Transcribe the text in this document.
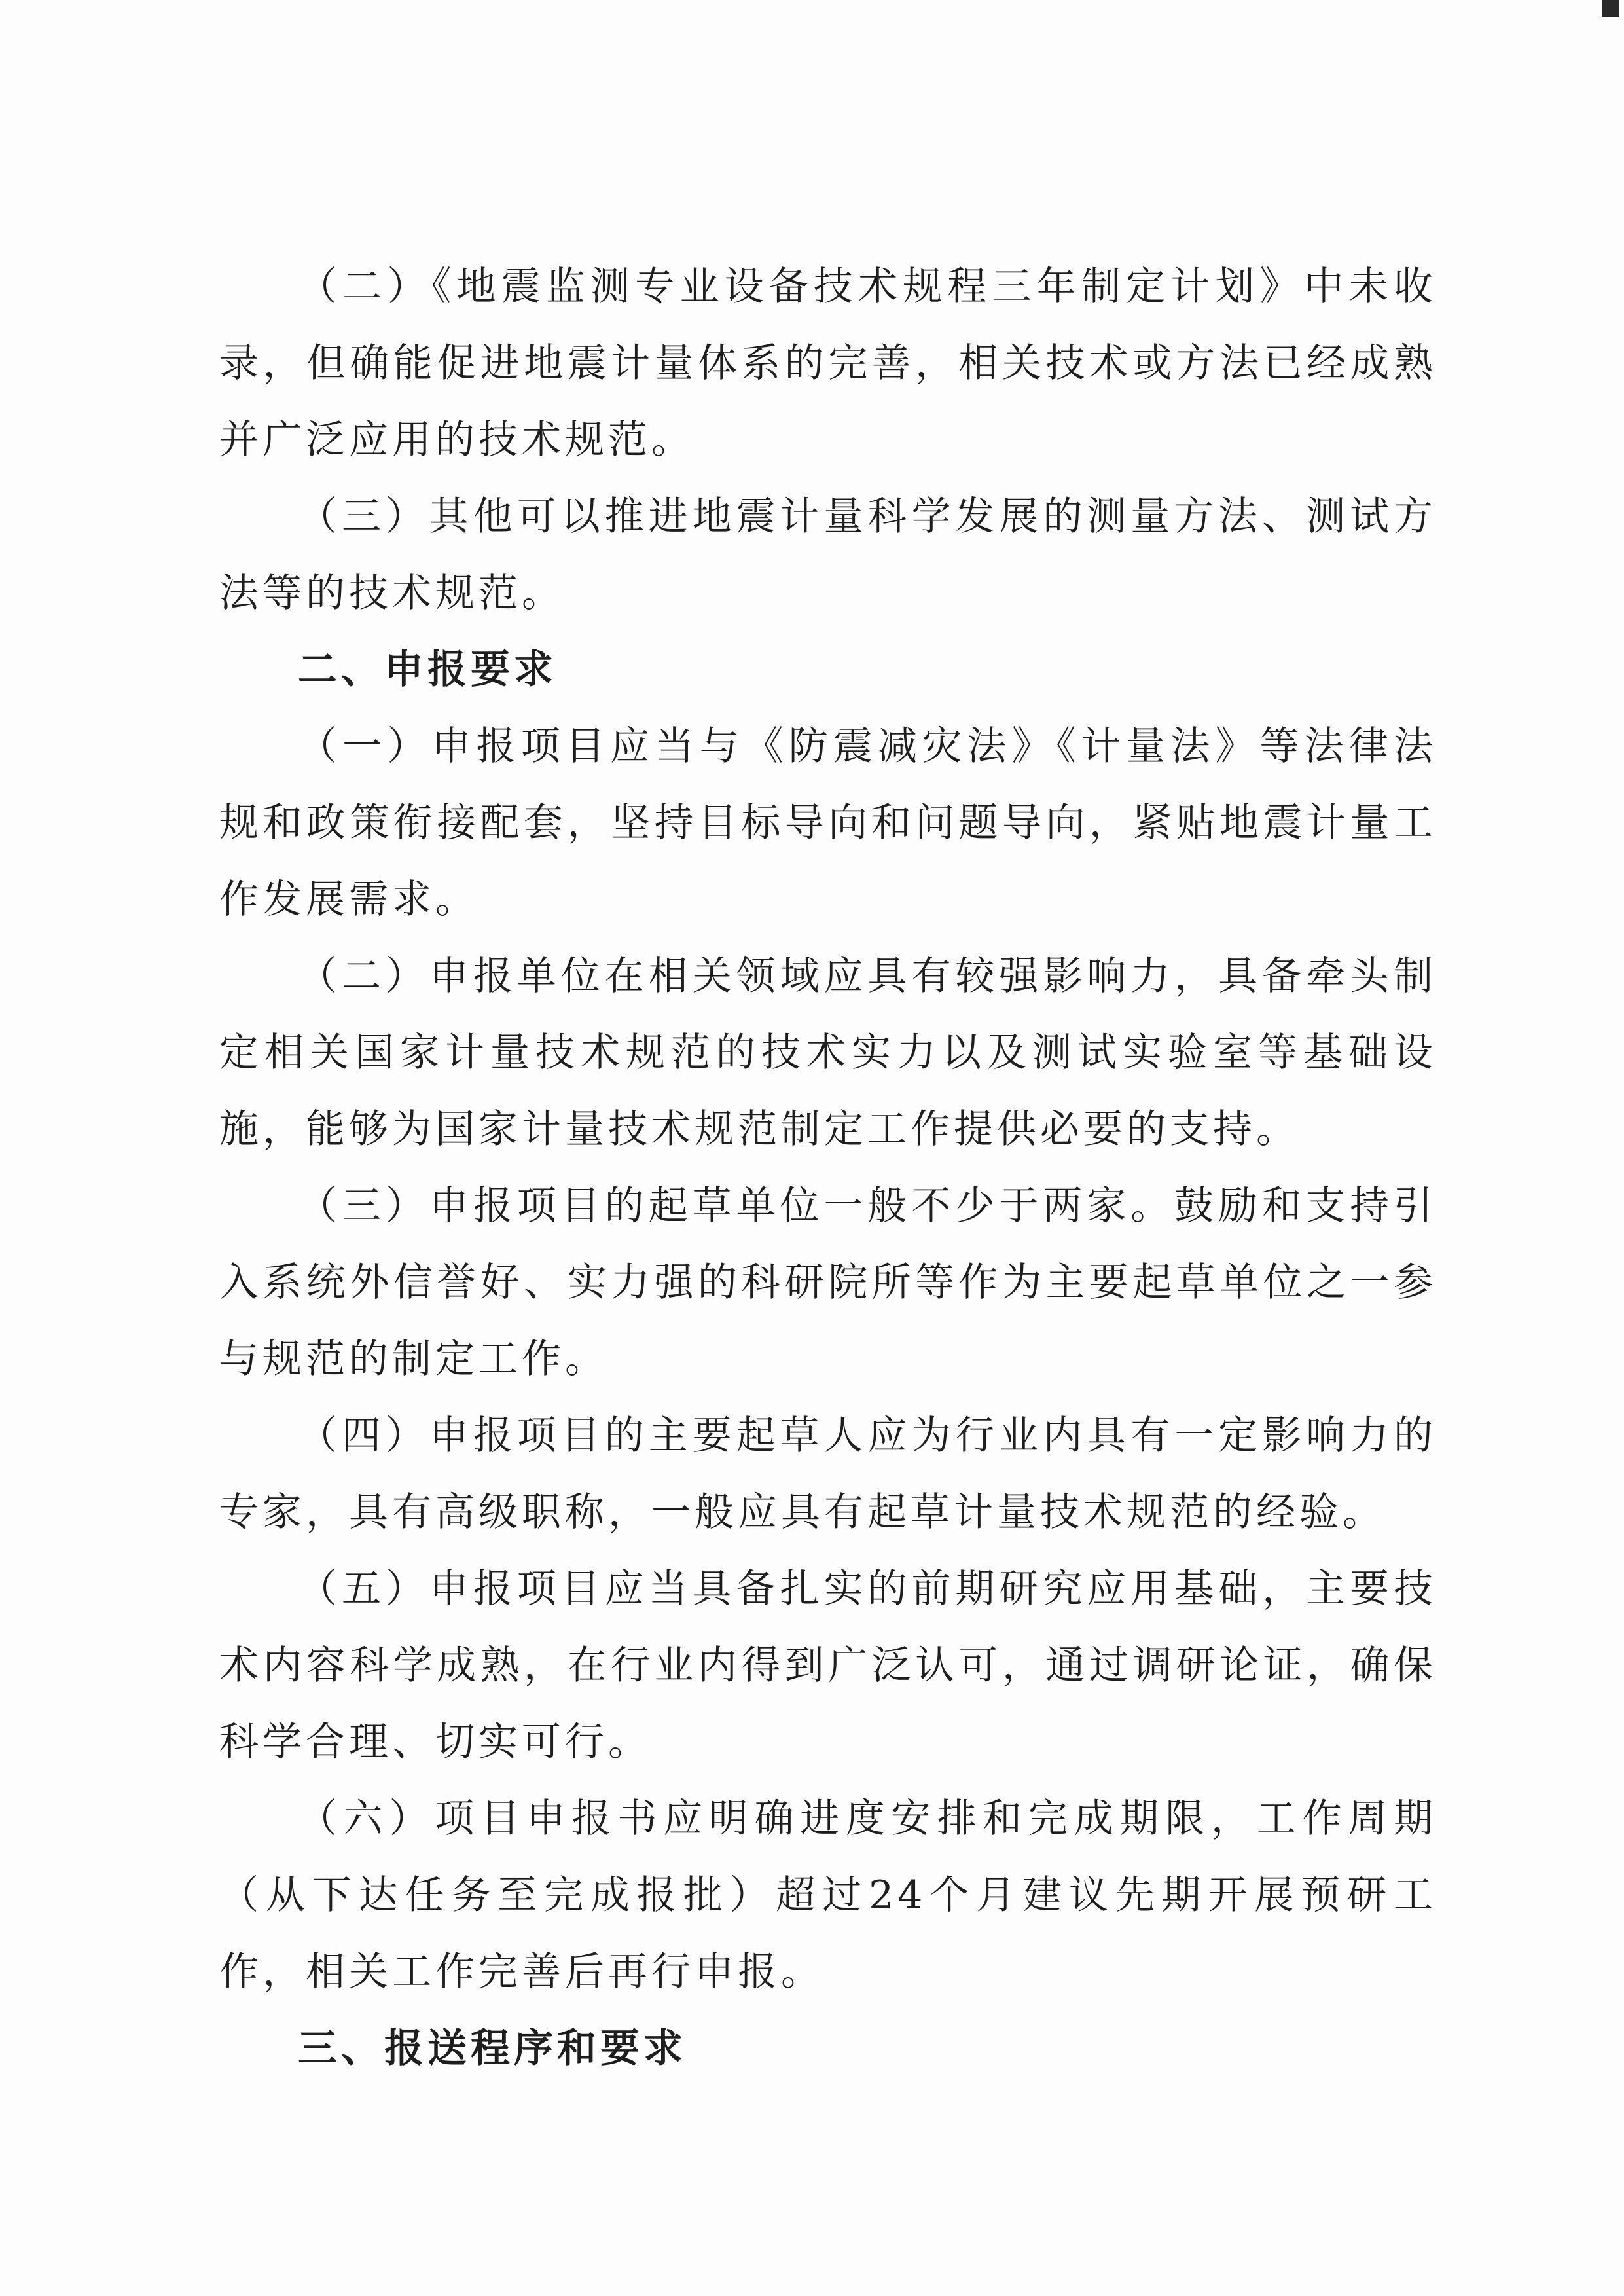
（二）《地震监测专业设备技术规程三年制定计划》中未收录，但确能促进地震计量体系的完善，相关技术或方法已经成熟并广泛应用的技术规范。

（三）其他可以推进地震计量科学发展的测量方法、测试方法等的技术规范。

二、申报要求

（一）申报项目应当与《防震减灾法》《计量法》等法律法规和政策衔接配套，坚持目标导向和问题导向，紧贴地震计量工作发展需求。

（二）申报单位在相关领域应具有较强影响力，具备牵头制定相关国家计量技术规范的技术实力以及测试实验室等基础设施，能够为国家计量技术规范制定工作提供必要的支持。

（三）申报项目的起草单位一般不少于两家。鼓励和支持引入系统外信誉好、实力强的科研院所等作为主要起草单位之一参与规范的制定工作。

（四）申报项目的主要起草人应为行业内具有一定影响力的专家，具有高级职称，一般应具有起草计量技术规范的经验。

（五）申报项目应当具备扎实的前期研究应用基础，主要技术内容科学成熟，在行业内得到广泛认可，通过调研论证，确保科学合理、切实可行。

（六）项目申报书应明确进度安排和完成期限，工作周期（从下达任务至完成报批）超过24个月建议先期开展预研工作，相关工作完善后再行申报。

三、报送程序和要求
